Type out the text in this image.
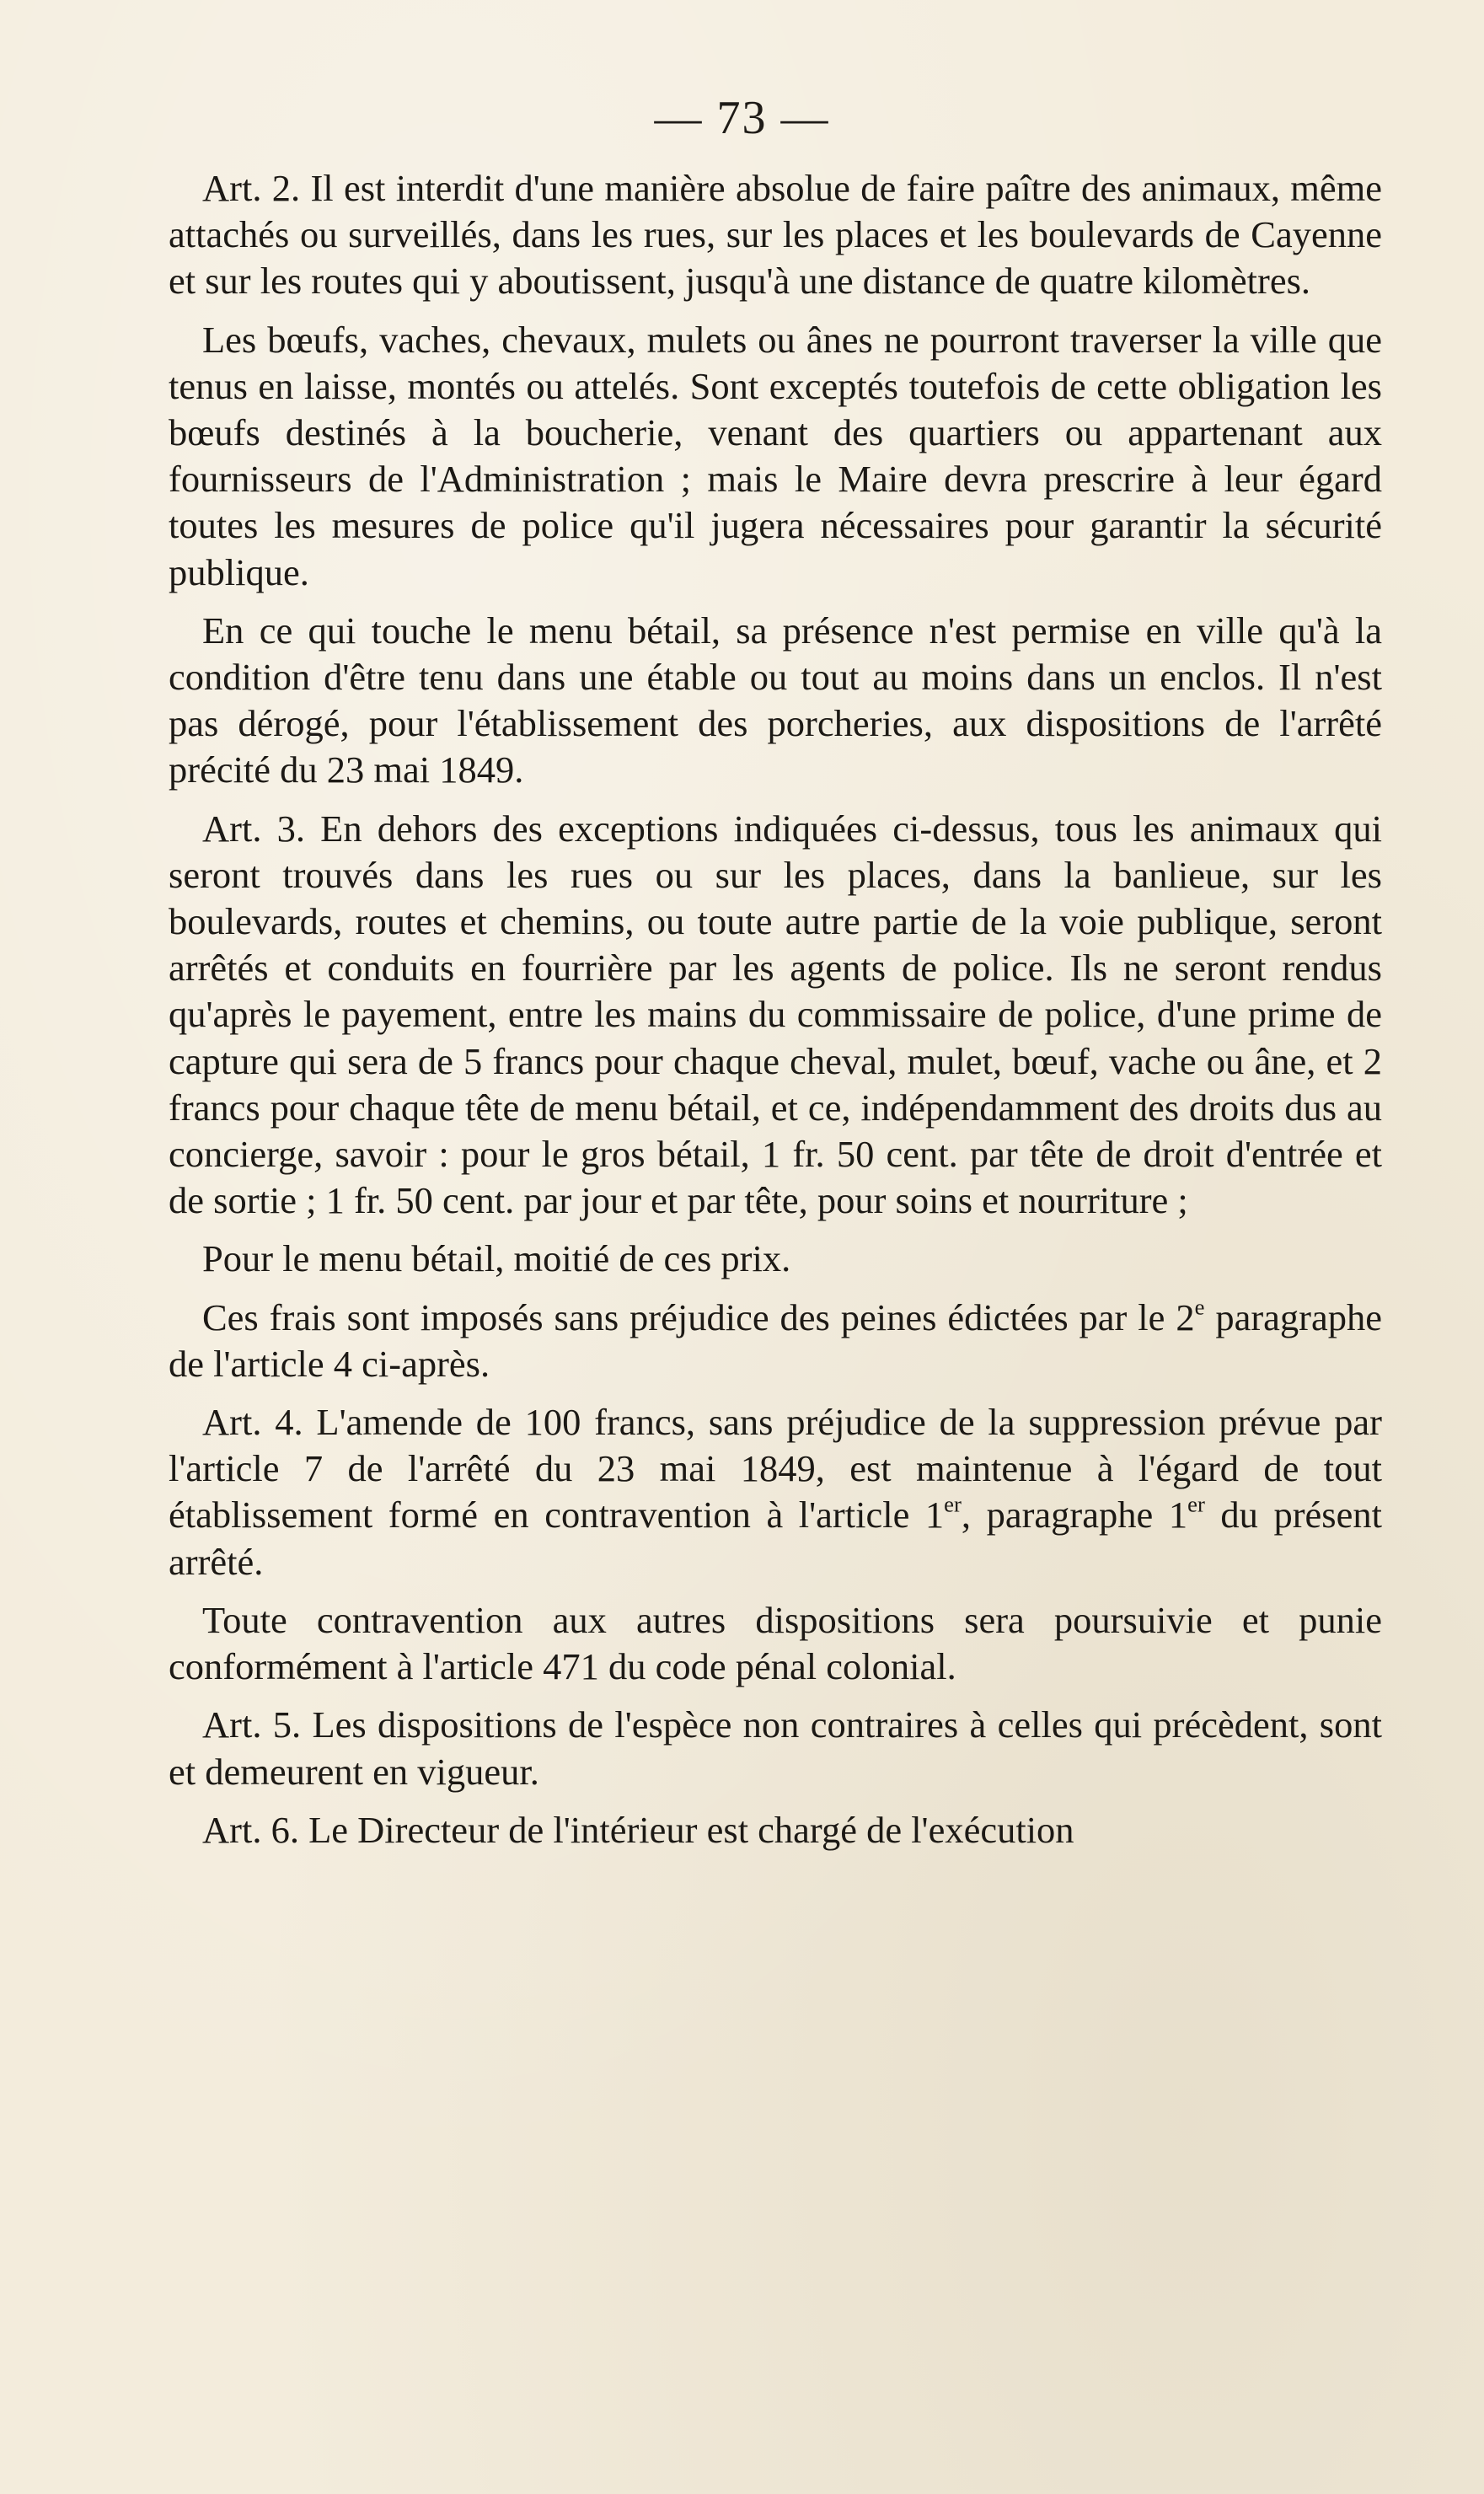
— 73 —

Art. 2. Il est interdit d'une manière absolue de faire paître des animaux, même attachés ou surveillés, dans les rues, sur les places et les boulevards de Cayenne et sur les routes qui y aboutissent, jusqu'à une distance de quatre kilomètres.

Les bœufs, vaches, chevaux, mulets ou ânes ne pourront traverser la ville que tenus en laisse, montés ou attelés. Sont exceptés toutefois de cette obligation les bœufs destinés à la boucherie, venant des quartiers ou appartenant aux fournisseurs de l'Administration ; mais le Maire devra prescrire à leur égard toutes les mesures de police qu'il jugera nécessaires pour garantir la sécurité publique.

En ce qui touche le menu bétail, sa présence n'est permise en ville qu'à la condition d'être tenu dans une étable ou tout au moins dans un enclos. Il n'est pas dérogé, pour l'établissement des porcheries, aux dispositions de l'arrêté précité du 23 mai 1849.

Art. 3. En dehors des exceptions indiquées ci-dessus, tous les animaux qui seront trouvés dans les rues ou sur les places, dans la banlieue, sur les boulevards, routes et chemins, ou toute autre partie de la voie publique, seront arrêtés et conduits en fourrière par les agents de police. Ils ne seront rendus qu'après le payement, entre les mains du commissaire de police, d'une prime de capture qui sera de 5 francs pour chaque cheval, mulet, bœuf, vache ou âne, et 2 francs pour chaque tête de menu bétail, et ce, indépendamment des droits dus au concierge, savoir : pour le gros bétail, 1 fr. 50 cent. par tête de droit d'entrée et de sortie ; 1 fr. 50 cent. par jour et par tête, pour soins et nourriture ;

Pour le menu bétail, moitié de ces prix.

Ces frais sont imposés sans préjudice des peines édictées par le 2e paragraphe de l'article 4 ci-après.

Art. 4. L'amende de 100 francs, sans préjudice de la suppression prévue par l'article 7 de l'arrêté du 23 mai 1849, est maintenue à l'égard de tout établissement formé en contravention à l'article 1er, paragraphe 1er du présent arrêté.

Toute contravention aux autres dispositions sera poursuivie et punie conformément à l'article 471 du code pénal colonial.

Art. 5. Les dispositions de l'espèce non contraires à celles qui précèdent, sont et demeurent en vigueur.

Art. 6. Le Directeur de l'intérieur est chargé de l'exécution
